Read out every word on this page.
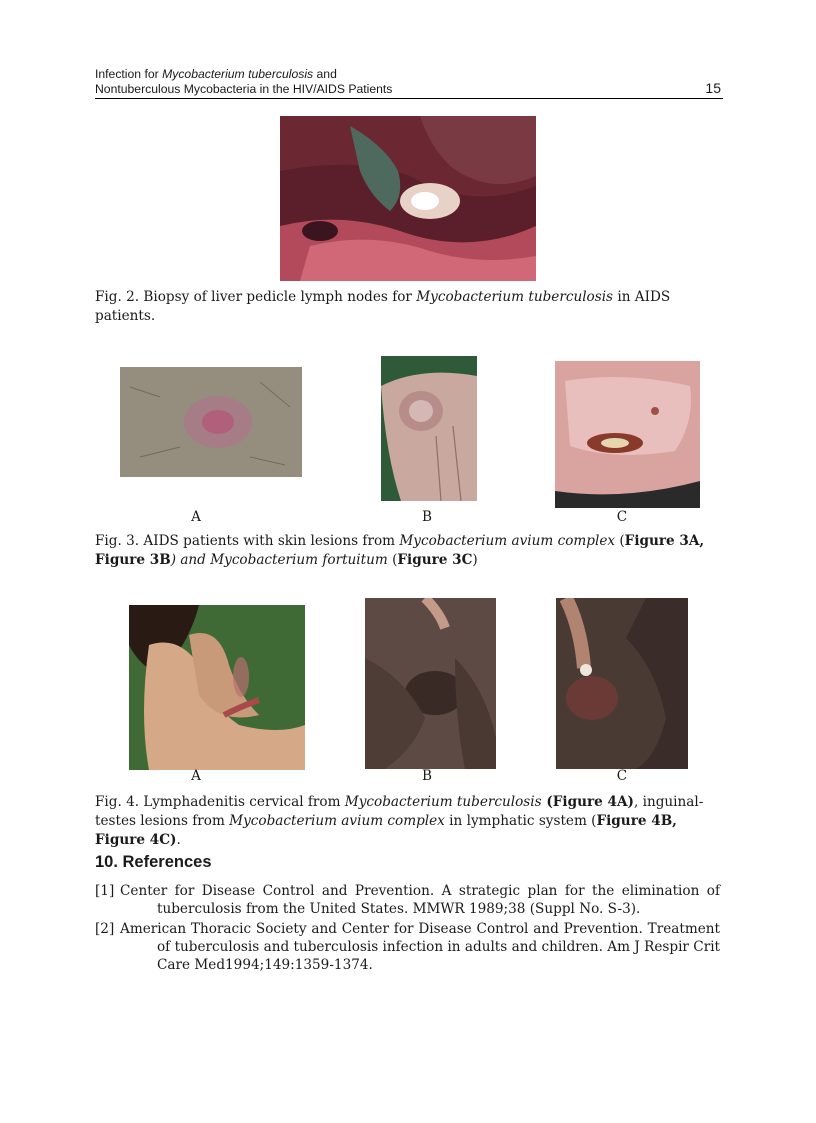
Infection for Mycobacterium tuberculosis and
Nontuberculous Mycobacteria in the HIV/AIDS Patients	15
Fig. 2. Biopsy of liver pedicle lymph nodes for Mycobacterium tuberculosis in AIDS patients.
A	B	C
Fig. 3. AIDS patients with skin lesions from Mycobacterium avium complex (Figure 3A, Figure 3B) and Mycobacterium fortuitum (Figure 3C)
A	B	C
Fig. 4. Lymphadenitis cervical from Mycobacterium tuberculosis (Figure 4A), inguinal-testes lesions from Mycobacterium avium complex in lymphatic system (Figure 4B, Figure 4C).
10. References
[1] Center for Disease Control and Prevention. A strategic plan for the elimination of tuberculosis from the United States. MMWR 1989;38 (Suppl No. S-3).
[2] American Thoracic Society and Center for Disease Control and Prevention. Treatment of tuberculosis and tuberculosis infection in adults and children. Am J Respir Crit Care Med1994;149:1359-1374.
